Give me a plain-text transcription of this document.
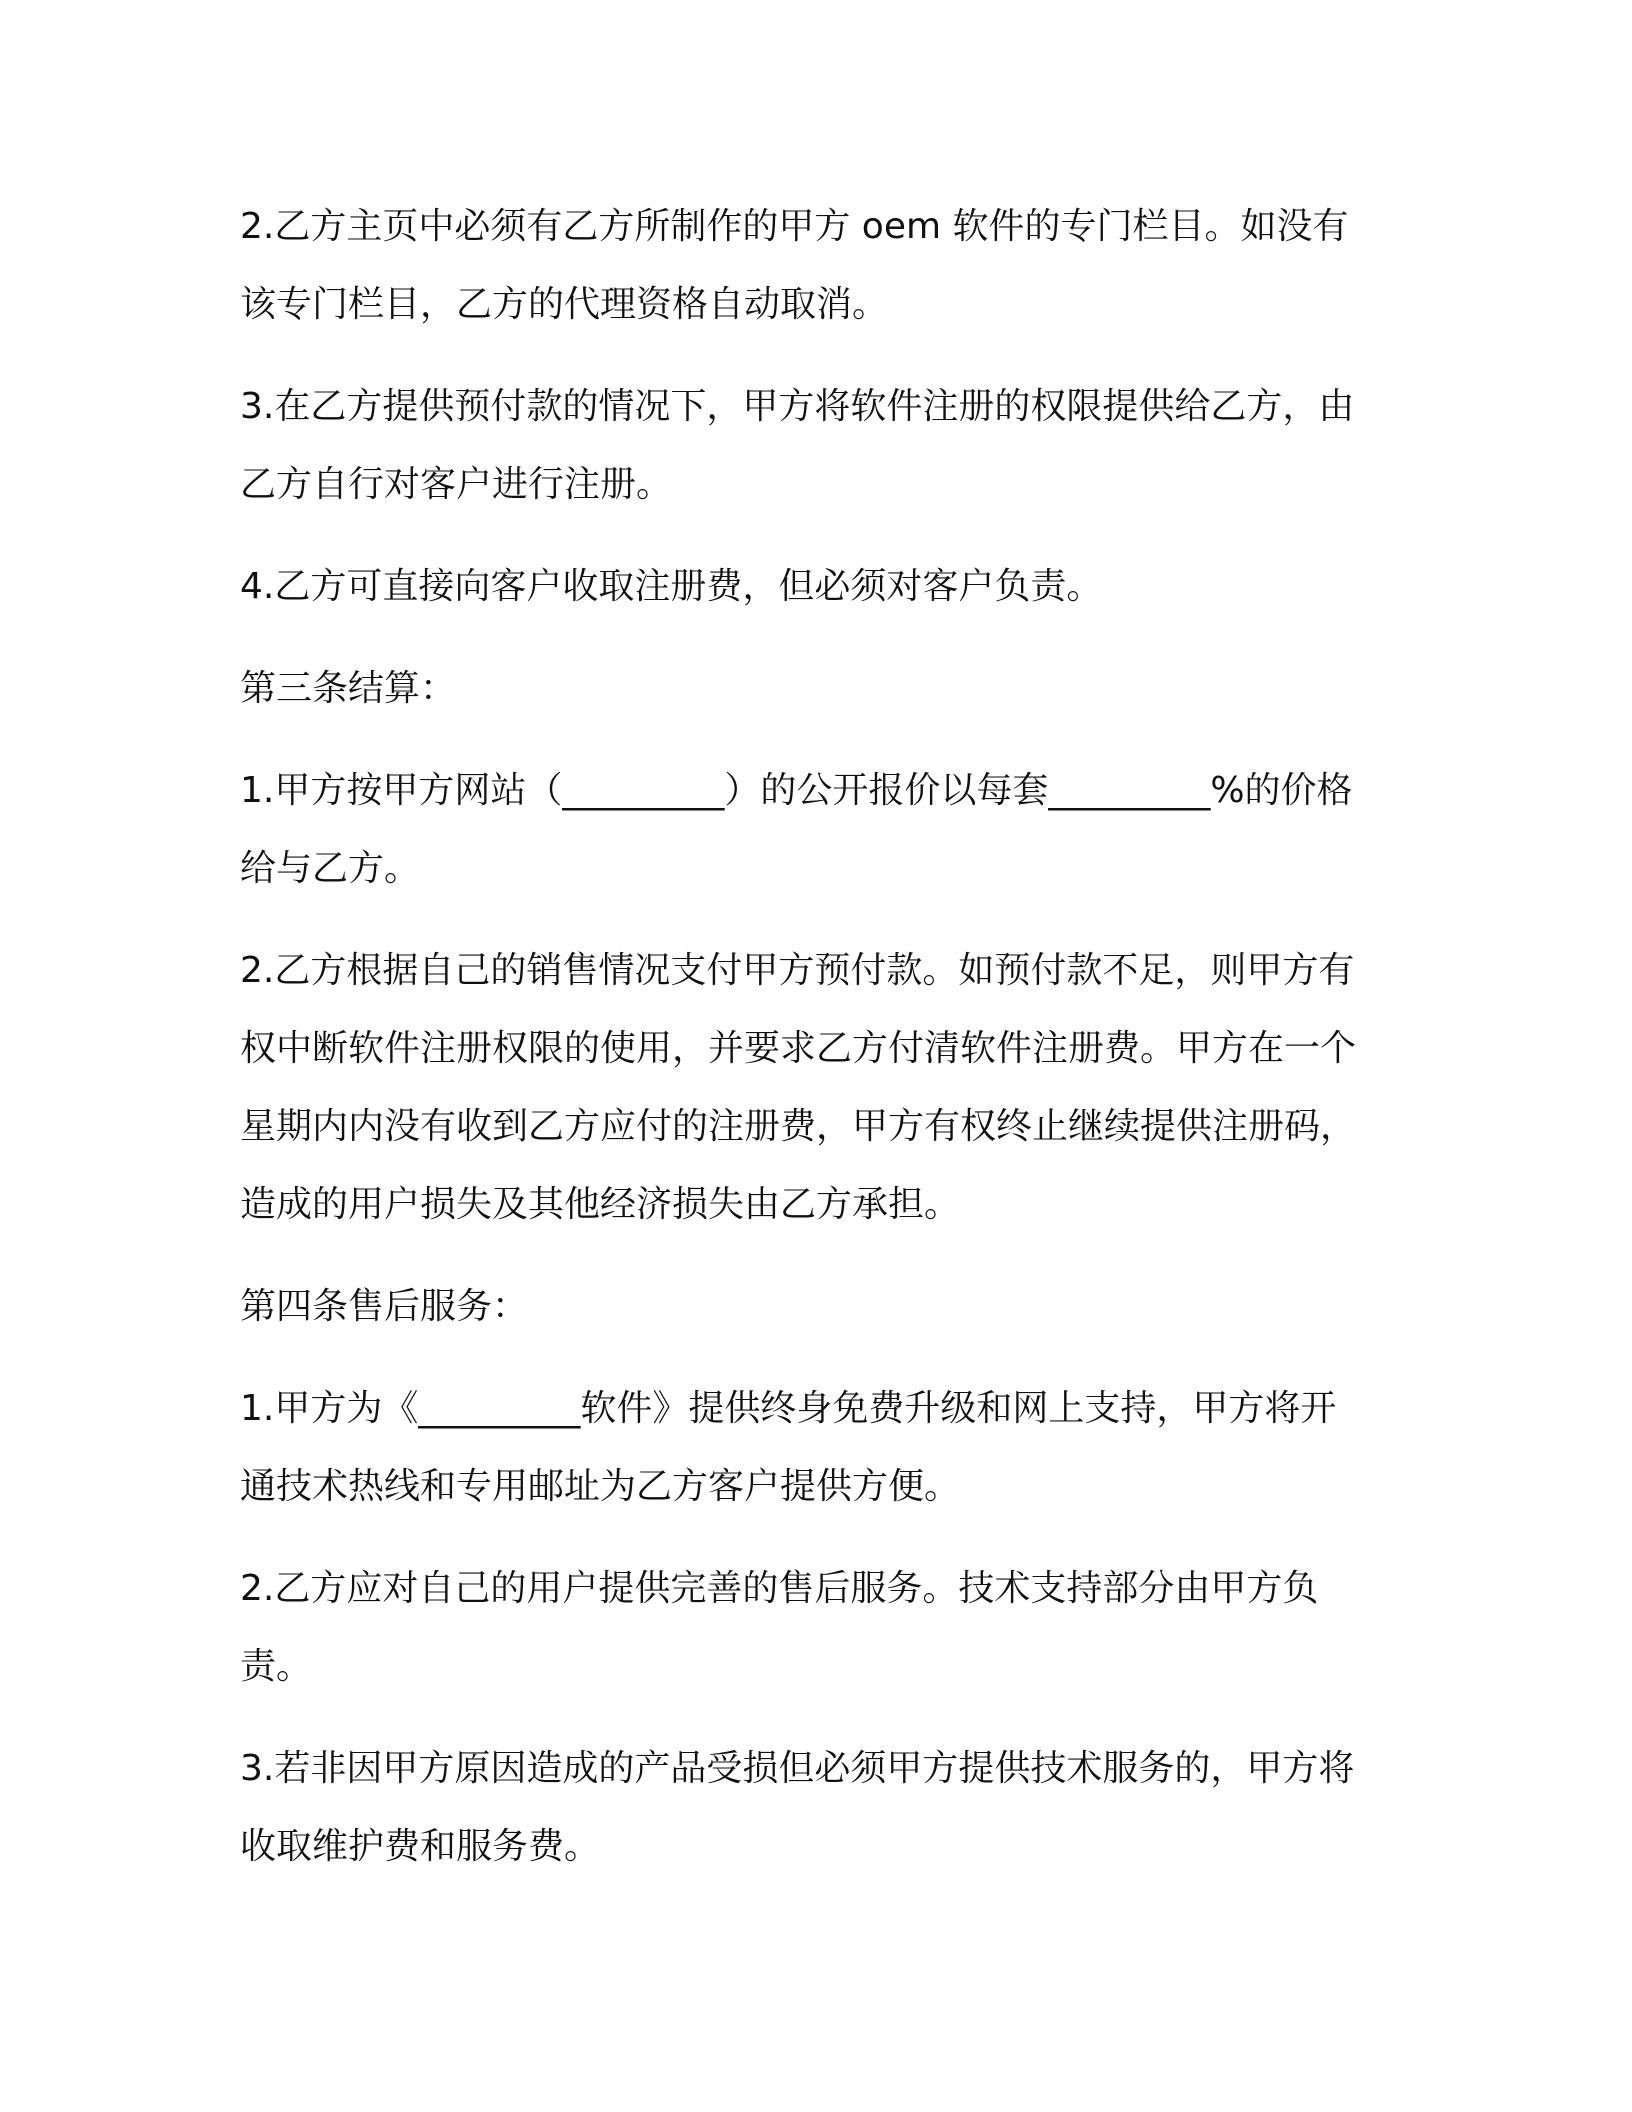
2.乙方主页中必须有乙方所制作的甲方 oem 软件的专门栏目。如没有该专门栏目，乙方的代理资格自动取消。

3.在乙方提供预付款的情况下，甲方将软件注册的权限提供给乙方，由乙方自行对客户进行注册。

4.乙方可直接向客户收取注册费，但必须对客户负责。

第三条结算：

1.甲方按甲方网站（_________）的公开报价以每套_________%的价格给与乙方。

2.乙方根据自己的销售情况支付甲方预付款。如预付款不足，则甲方有权中断软件注册权限的使用，并要求乙方付清软件注册费。甲方在一个星期内内没有收到乙方应付的注册费，甲方有权终止继续提供注册码，造成的用户损失及其他经济损失由乙方承担。

第四条售后服务：

1.甲方为《_________软件》提供终身免费升级和网上支持，甲方将开通技术热线和专用邮址为乙方客户提供方便。

2.乙方应对自己的用户提供完善的售后服务。技术支持部分由甲方负责。

3.若非因甲方原因造成的产品受损但必须甲方提供技术服务的，甲方将收取维护费和服务费。
